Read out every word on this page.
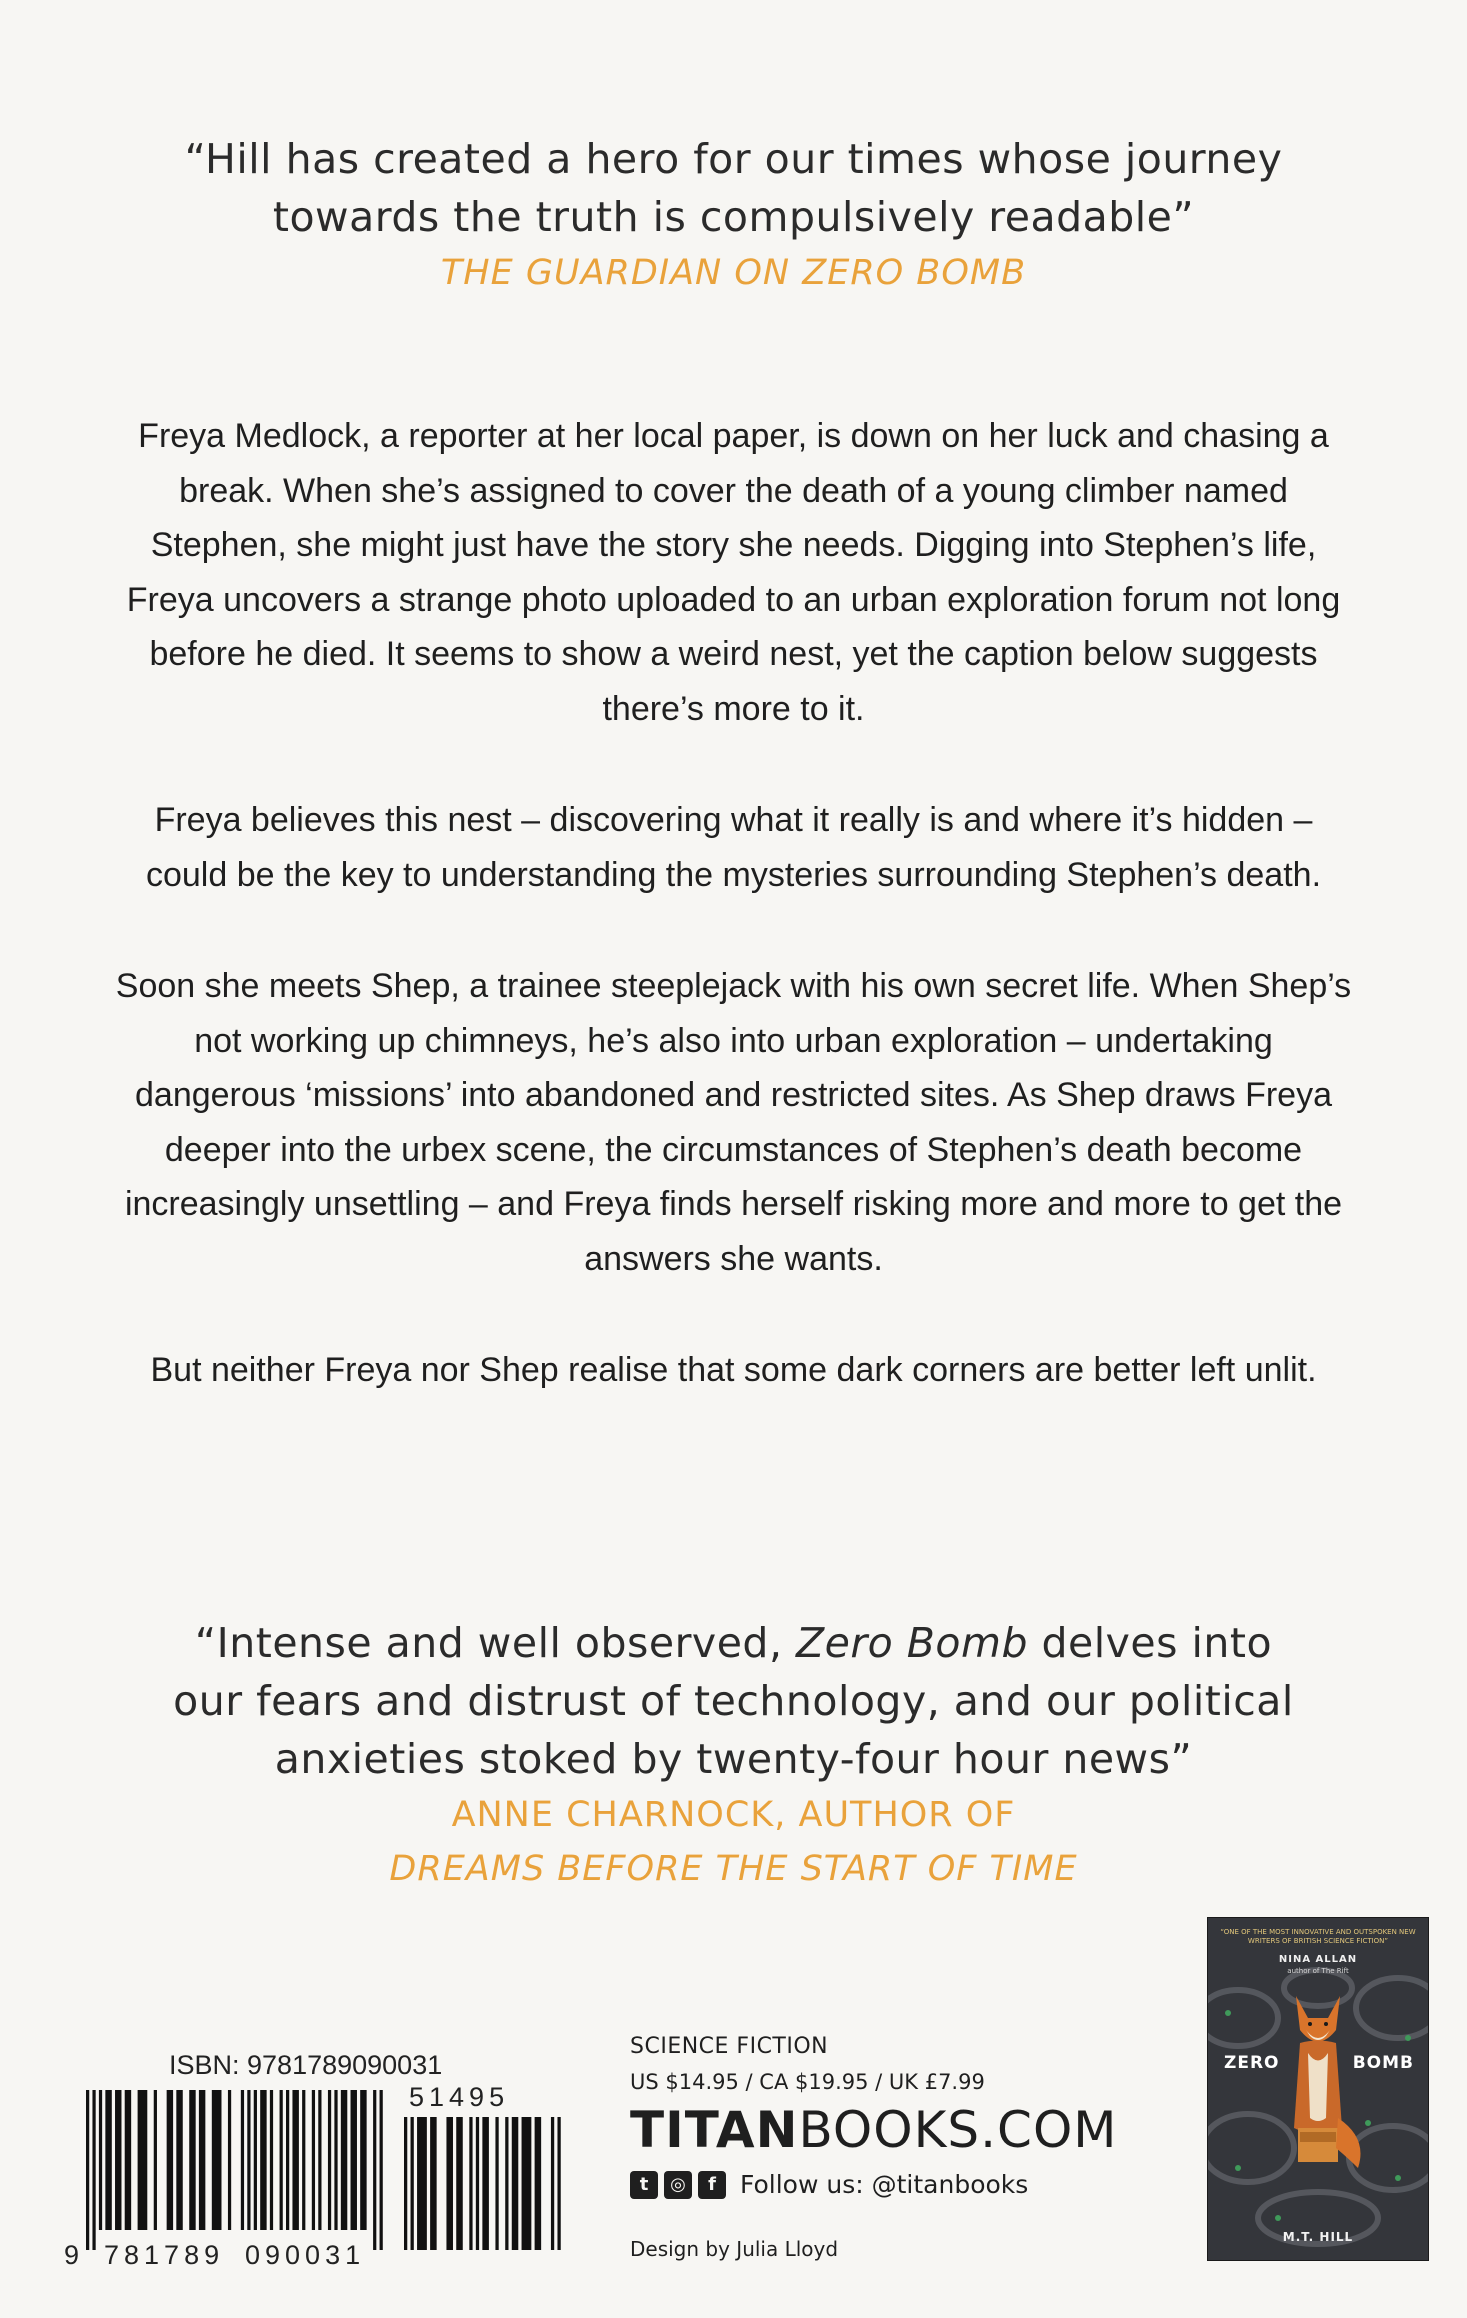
“Hill has created a hero for our times whose journey
towards the truth is compulsively readable”
THE GUARDIAN ON ZERO BOMB

Freya Medlock, a reporter at her local paper, is down on her luck and chasing a break. When she’s assigned to cover the death of a young climber named Stephen, she might just have the story she needs. Digging into Stephen’s life, Freya uncovers a strange photo uploaded to an urban exploration forum not long before he died. It seems to show a weird nest, yet the caption below suggests there’s more to it.

Freya believes this nest – discovering what it really is and where it’s hidden – could be the key to understanding the mysteries surrounding Stephen’s death.

Soon she meets Shep, a trainee steeplejack with his own secret life. When Shep’s not working up chimneys, he’s also into urban exploration – undertaking dangerous ‘missions’ into abandoned and restricted sites. As Shep draws Freya deeper into the urbex scene, the circumstances of Stephen’s death become increasingly unsettling – and Freya finds herself risking more and more to get the answers she wants.

But neither Freya nor Shep realise that some dark corners are better left unlit.

“Intense and well observed, Zero Bomb delves into
our fears and distrust of technology, and our political
anxieties stoked by twenty-four hour news”
ANNE CHARNOCK, AUTHOR OF
DREAMS BEFORE THE START OF TIME
ISBN: 9781789090031
51495
9 781789 090031
SCIENCE FICTION
US $14.95 / CA $19.95 / UK £7.99
TITANBOOKS.COM
t	◎	f Follow us: @titanbooks
Design by Julia Lloyd
“ONE OF THE MOST INNOVATIVE AND OUTSPOKEN NEW WRITERS OF BRITISH SCIENCE FICTION”
NINA ALLAN
author of The Rift
ZERO	BOMB
M.T. HILL
